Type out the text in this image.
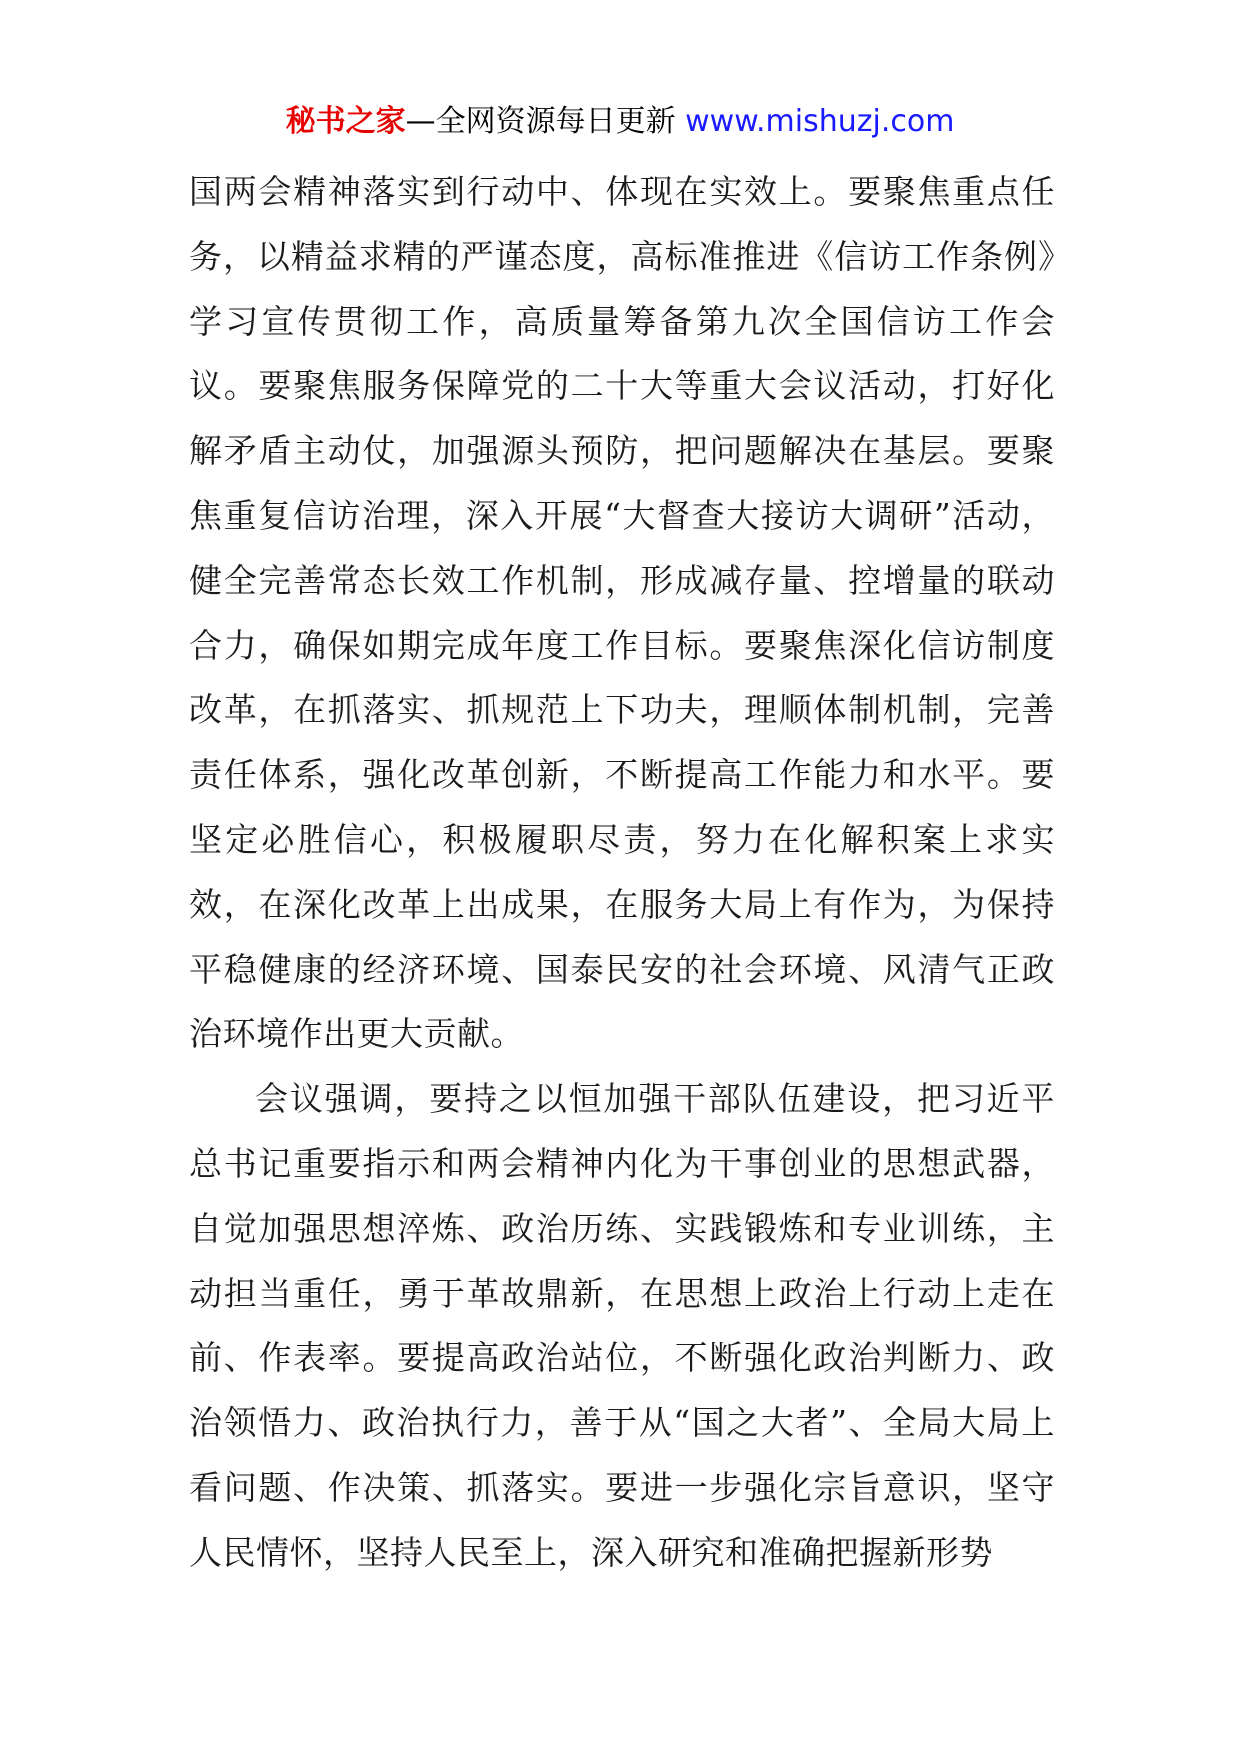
秘书之家—全网资源每日更新 www.mishuzj.com

国两会精神落实到行动中、体现在实效上。要聚焦重点任务，以精益求精的严谨态度，高标准推进《信访工作条例》学习宣传贯彻工作，高质量筹备第九次全国信访工作会议。要聚焦服务保障党的二十大等重大会议活动，打好化解矛盾主动仗，加强源头预防，把问题解决在基层。要聚焦重复信访治理，深入开展“大督查大接访大调研”活动，健全完善常态长效工作机制，形成减存量、控增量的联动合力，确保如期完成年度工作目标。要聚焦深化信访制度改革，在抓落实、抓规范上下功夫，理顺体制机制，完善责任体系，强化改革创新，不断提高工作能力和水平。要坚定必胜信心，积极履职尽责，努力在化解积案上求实效，在深化改革上出成果，在服务大局上有作为，为保持平稳健康的经济环境、国泰民安的社会环境、风清气正政治环境作出更大贡献。

会议强调，要持之以恒加强干部队伍建设，把习近平总书记重要指示和两会精神内化为干事创业的思想武器，自觉加强思想淬炼、政治历练、实践锻炼和专业训练，主动担当重任，勇于革故鼎新，在思想上政治上行动上走在前、作表率。要提高政治站位，不断强化政治判断力、政治领悟力、政治执行力，善于从“国之大者”、全局大局上看问题、作决策、抓落实。要进一步强化宗旨意识，坚守人民情怀，坚持人民至上，深入研究和准确把握新形势
